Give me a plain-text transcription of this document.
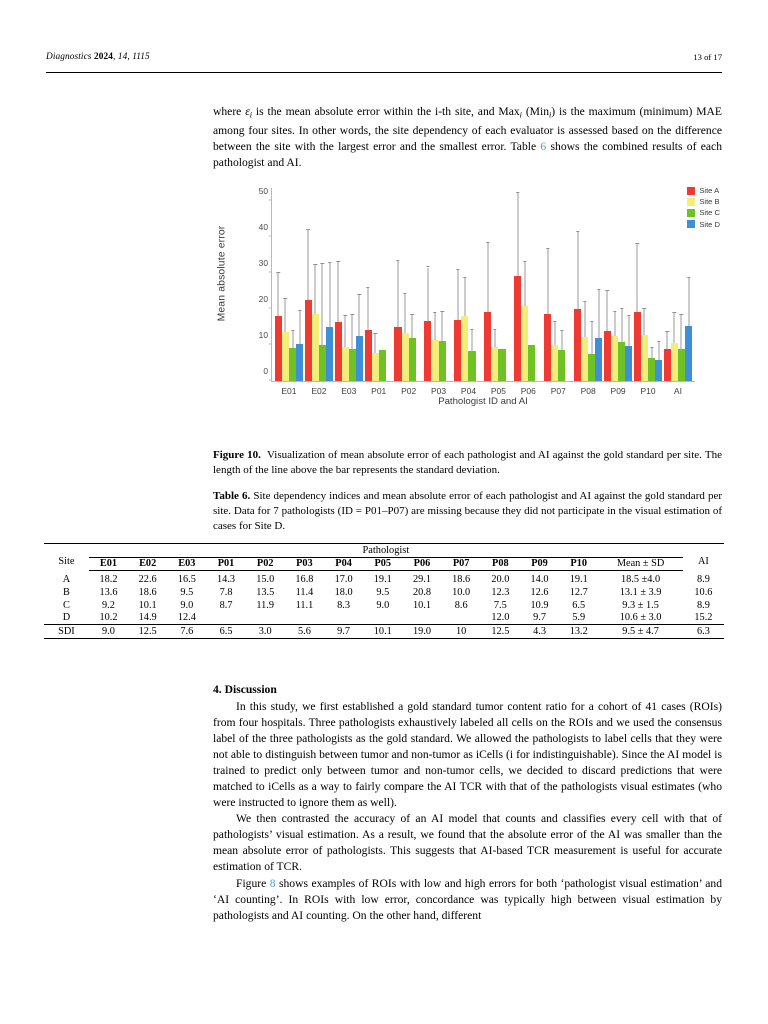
Diagnostics 2024, 14, 1115	13 of 17

where $\varepsilon_i$ is the mean absolute error within the i-th site, and Max$_i$ (Min$_i$) is the maximum (minimum) MAE among four sites. In other words, the site dependency of each evaluator is assessed based on the difference between the site with the largest error and the smallest error. Table 6 shows the combined results of each pathologist and AI.

Mean absolute error
E01 E02 E03 P01 P02 P03 P04 P05 P06 P07 P08 P09 P10 AI
0
10
20
30
40
50
Pathologist ID and AI
Site A
Site B
Site C
Site D

Figure 10. Visualization of mean absolute error of each pathologist and AI against the gold standard per site. The length of the line above the bar represents the standard deviation.

Table 6. Site dependency indices and mean absolute error of each pathologist and AI against the gold standard per site. Data for 7 pathologists (ID = P01–P07) are missing because they did not participate in the visual estimation of cases for Site D.

Site	Pathologist														AI
	E01	E02	E03	P01	P02	P03	P04	P05	P06	P07	P08	P09	P10	Mean ± SD	

A	18.2	22.6	16.5	14.3	15.0	16.8	17.0	19.1	29.1	18.6	20.0	14.0	19.1	18.5 ±4.0	8.9
B	13.6	18.6	9.5	7.8	13.5	11.4	18.0	9.5	20.8	10.0	12.3	12.6	12.7	13.1 ± 3.9	10.6
C	9.2	10.1	9.0	8.7	11.9	11.1	8.3	9.0	10.1	8.6	7.5	10.9	6.5	9.3 ± 1.5	8.9
D	10.2	14.9	12.4								12.0	9.7	5.9	10.6 ± 3.0	15.2
SDI	9.0	12.5	7.6	6.5	3.0	5.6	9.7	10.1	19.0	10	12.5	4.3	13.2	9.5 ± 4.7	6.3

4. Discussion

In this study, we first established a gold standard tumor content ratio for a cohort of 41 cases (ROIs) from four hospitals. Three pathologists exhaustively labeled all cells on the ROIs and we used the consensus label of the three pathologists as the gold standard. We allowed the pathologists to label cells that they were not able to distinguish between tumor and non-tumor as iCells (i for indistinguishable). Since the AI model is trained to predict only between tumor and non-tumor cells, we decided to discard predictions that were matched to iCells as a way to fairly compare the AI TCR with that of the pathologists visual estimates (who were instructed to ignore them as well).

We then contrasted the accuracy of an AI model that counts and classifies every cell with that of pathologists’ visual estimation. As a result, we found that the absolute error of the AI was smaller than the mean absolute error of pathologists. This suggests that AI-based TCR measurement is useful for accurate estimation of TCR.

Figure 8 shows examples of ROIs with low and high errors for both ‘pathologist visual estimation’ and ‘AI counting’. In ROIs with low error, concordance was typically high between visual estimation by pathologists and AI counting. On the other hand, different
